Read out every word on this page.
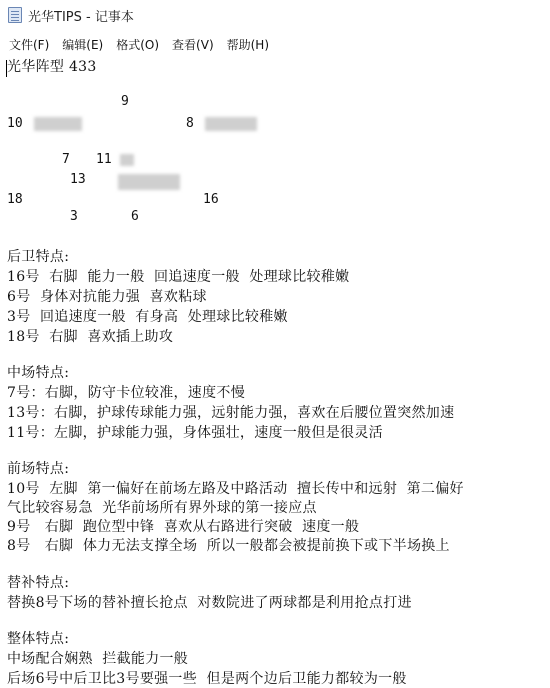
光华TIPS - 记事本
文件(F)	编辑(E)	格式(O)	查看(V)	帮助(H)
光华阵型 433
9
10	8
7 11
13
18	16
3	6
后卫特点:
16号  右脚  能力一般  回追速度一般  处理球比较稚嫩
6号  身体对抗能力强  喜欢粘球
3号  回追速度一般  有身高  处理球比较稚嫩
18号  右脚  喜欢插上助攻
中场特点:
7号：右脚，防守卡位较准，速度不慢
13号：右脚，护球传球能力强，远射能力强，喜欢在后腰位置突然加速
11号：左脚，护球能力强，身体强壮，速度一般但是很灵活
前场特点:
10号  左脚  第一偏好在前场左路及中路活动  擅长传中和远射  第二偏好
气比较容易急  光华前场所有界外球的第一接应点
9号   右脚  跑位型中锋  喜欢从右路进行突破  速度一般
8号   右脚  体力无法支撑全场  所以一般都会被提前换下或下半场换上
替补特点:
替换8号下场的替补擅长抢点  对数院进了两球都是利用抢点打进
整体特点:
中场配合娴熟  拦截能力一般
后场6号中后卫比3号要强一些  但是两个边后卫能力都较为一般
